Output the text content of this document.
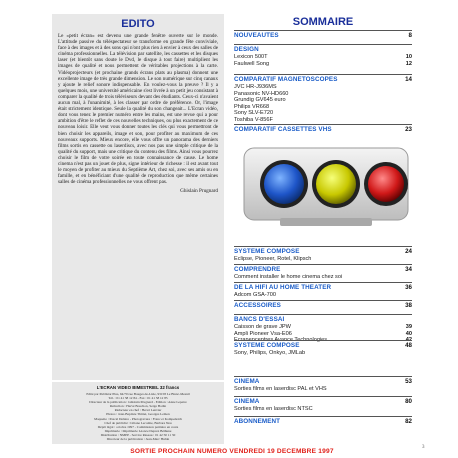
EDITO

Le «petit écran» est devenu une grande fenêtre ouverte sur le monde. L'attitude passive du téléspectateur se transforme en grande fête conviviale, face à des images et à des sons qui n'ont plus rien à envier à ceux des salles de cinéma professionnelles. La télévision par satellite, les cassettes et les disques laser (et bientôt sans doute le Dvd, le disque à tout faire) multiplient les images de qualité et nous permettent de véritables projections à la carte. Vidéoprojecteurs (et prochaine grands écrans plats au plasma) donnent une excellente image de très grande dimension. Le son numérique sur cinq canaux y ajoute le relief sonore indispensable. En voulez-vous la preuve ? Il y a quelques mois, une université américaine s'est livrée à un petit jeu consistant à comparer la qualité de trois téléviseurs devant des étudiants. Ceux-ci n'avaient aucun mal, à l'unanimité, à les classer par ordre de préférence. Or, l'image était strictement identique. Seule la qualité du son changeait... L'Ecran vidéo, dont vous tenez le premier numéro entre les mains, est une revue qui a pour ambition d'être le reflet de ces nouvelles techniques, ou plus exactement de ce nouveau loisir. Elle veut vous donner toutes les clés qui vous permettront de bien choisir les appareils, image et son, pour profiter au maximum de ces nouveaux supports. Mieux encore, elle vous offre un panorama des derniers films sortis en cassette ou laserdiscs, avec nos pas une simple critique de la qualité du support, mais une critique du contenu des films. Ainsi vous pourrez choisir le film de votre soirée en toute connaissance de cause. Le home cinema n'est pas un jouet de plus, signe intérieur de richesse : il est avant tout le moyen de profiter au mieux du Septième Art, chez soi, avec ses amis ou en famille, et en bénéficiant d'une qualité de reproduction que même certaines salles de cinéma professionnelles ne vous offrent pas.

Ghislain Prugnard
L'ECRAN VIDEO BIMESTRIEL 32 francs
Edité par Publistar Plus, 64/70 rue Bouget-de-Lisle, 93158 Le Blanc-Mesnil
Tél. : 01 41 58 12 84 - Fax : 01 41 58 12 85
Directeur de la publication : Ghislain Prugnard - Edition : Anne Lepetre
Rédaction : Hervé Bouchon, Serge Bodin
Rédacteur en chef : Hervé Lenvier
Photos : Jean-Baptiste Thiriet, Georges Lemon
Maquette : Pascal Delatre - Photogravure : Franc et Kompedeich
Chef de publicité : Liliane Lecomte, Barbara Neu
Dépôt légal : octobre 1997 - Commission paritaire en cours
Imprimerie : Imprimerie Léonce Deprez Béthune
Distribution : NMPP - Service Réseau : 01 42 50 11 30
Directeur de la publication : Jean-Marc Hubin
SOMMAIRE
NOUVEAUTES	8
DESIGN
Lexicon 500T	10
Faulwell Song	12
COMPARATIF MAGNETOSCOPES	14
JVC HR-J936MS
Panasonic NV-HD660
Grundig GV645 euro
Philips VR668
Sony SLV-E720
Toshiba V-856F
COMPARATIF CASSETTES VHS	23
SYSTEME COMPOSE	24
Eclipse, Pioneer, Rotel, Klipsch
COMPRENDRE	34
Comment installer le home cinema chez soi
DE LA HIFI AU HOME THEATER	36
Adcom GSA-700
ACCESSOIRES	38
BANCS D'ESSAI
Caisson de grave JPW	39
Ampli Pioneer Vsa-E06	40
Ecranencentres Avance Technologies	42
SYSTEME COMPOSE	48
Sony, Philips, Onkyo, JMLab
CINEMA	53
Sorties films en laserdisc PAL et VHS
CINEMA	80
Sorties films en laserdisc NTSC
ABONNEMENT	82
SORTIE PROCHAIN NUMERO VENDREDI 19 DECEMBRE 1997
3
